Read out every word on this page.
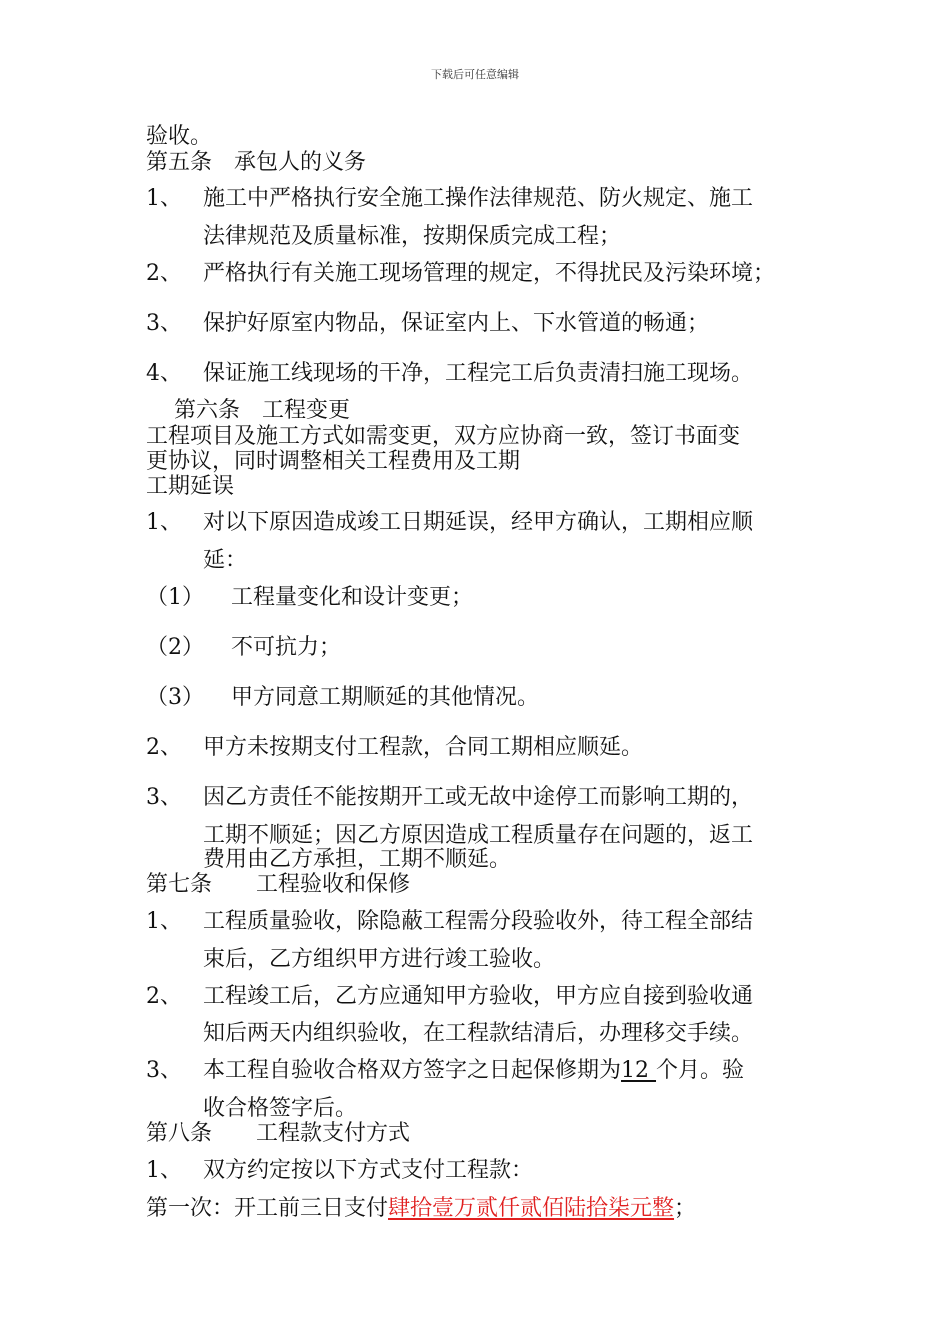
下载后可任意编辑
验收。
第五条　承包人的义务
1、 施工中严格执行安全施工操作法律规范、防火规定、施工
法律规范及质量标准，按期保质完成工程；
2、 严格执行有关施工现场管理的规定，不得扰民及污染环境；
3、 保护好原室内物品，保证室内上、下水管道的畅通；
4、 保证施工线现场的干净，工程完工后负责清扫施工现场。
第六条　工程变更
工程项目及施工方式如需变更，双方应协商一致，签订书面变
更协议，同时调整相关工程费用及工期
工期延误
1、 对以下原因造成竣工日期延误，经甲方确认，工期相应顺
延：
（1） 工程量变化和设计变更；
（2） 不可抗力；
（3） 甲方同意工期顺延的其他情况。
2、 甲方未按期支付工程款，合同工期相应顺延。
3、 因乙方责任不能按期开工或无故中途停工而影响工期的，
工期不顺延；因乙方原因造成工程质量存在问题的，返工
费用由乙方承担，工期不顺延。
第七条　　工程验收和保修
1、 工程质量验收，除隐蔽工程需分段验收外，待工程全部结
束后，乙方组织甲方进行竣工验收。
2、 工程竣工后，乙方应通知甲方验收，甲方应自接到验收通
知后两天内组织验收，在工程款结清后，办理移交手续。
3、 本工程自验收合格双方签字之日起保修期为12 个月。验
收合格签字后。
第八条　　工程款支付方式
1、 双方约定按以下方式支付工程款：
第一次：开工前三日支付肆拾壹万贰仟贰佰陆拾柒元整；
